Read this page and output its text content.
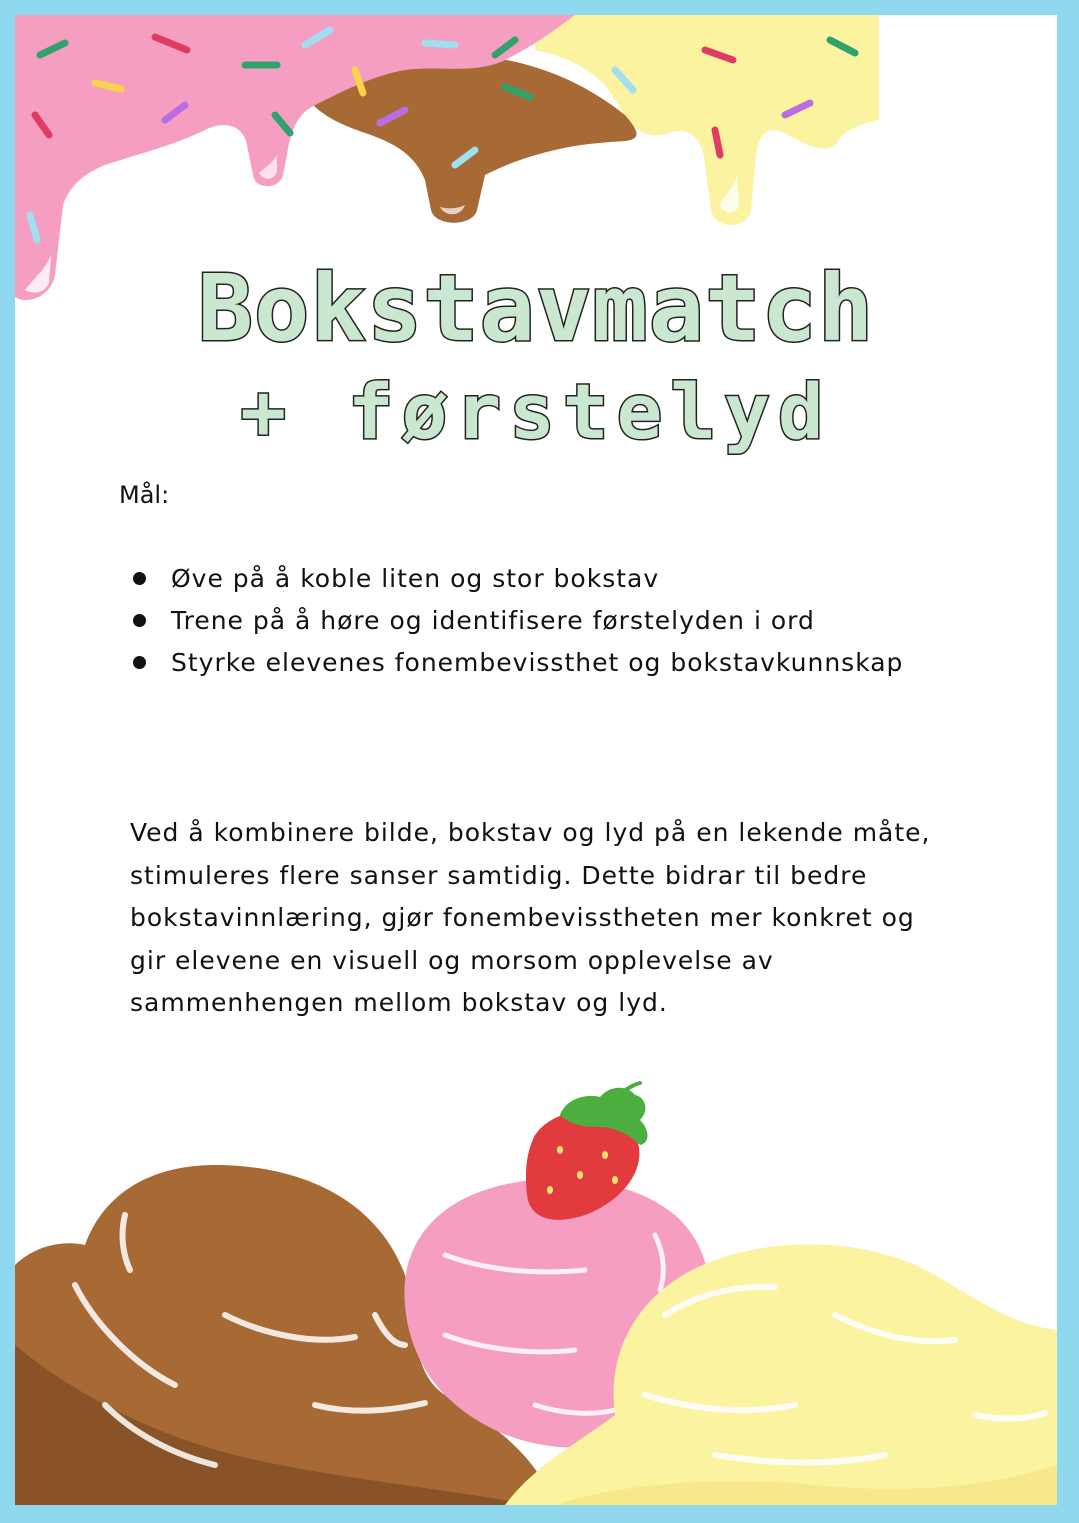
Bokstavmatch
+ førstelyd

Mål:

Øve på å koble liten og stor bokstav
Trene på å høre og identifisere førstelyden i ord
Styrke elevenes fonembevissthet og bokstavkunnskap

Ved å kombinere bilde, bokstav og lyd på en lekende måte, stimuleres flere sanser samtidig. Dette bidrar til bedre bokstavinnlæring, gjør fonembevisstheten mer konkret og gir elevene en visuell og morsom opplevelse av sammenhengen mellom bokstav og lyd.
